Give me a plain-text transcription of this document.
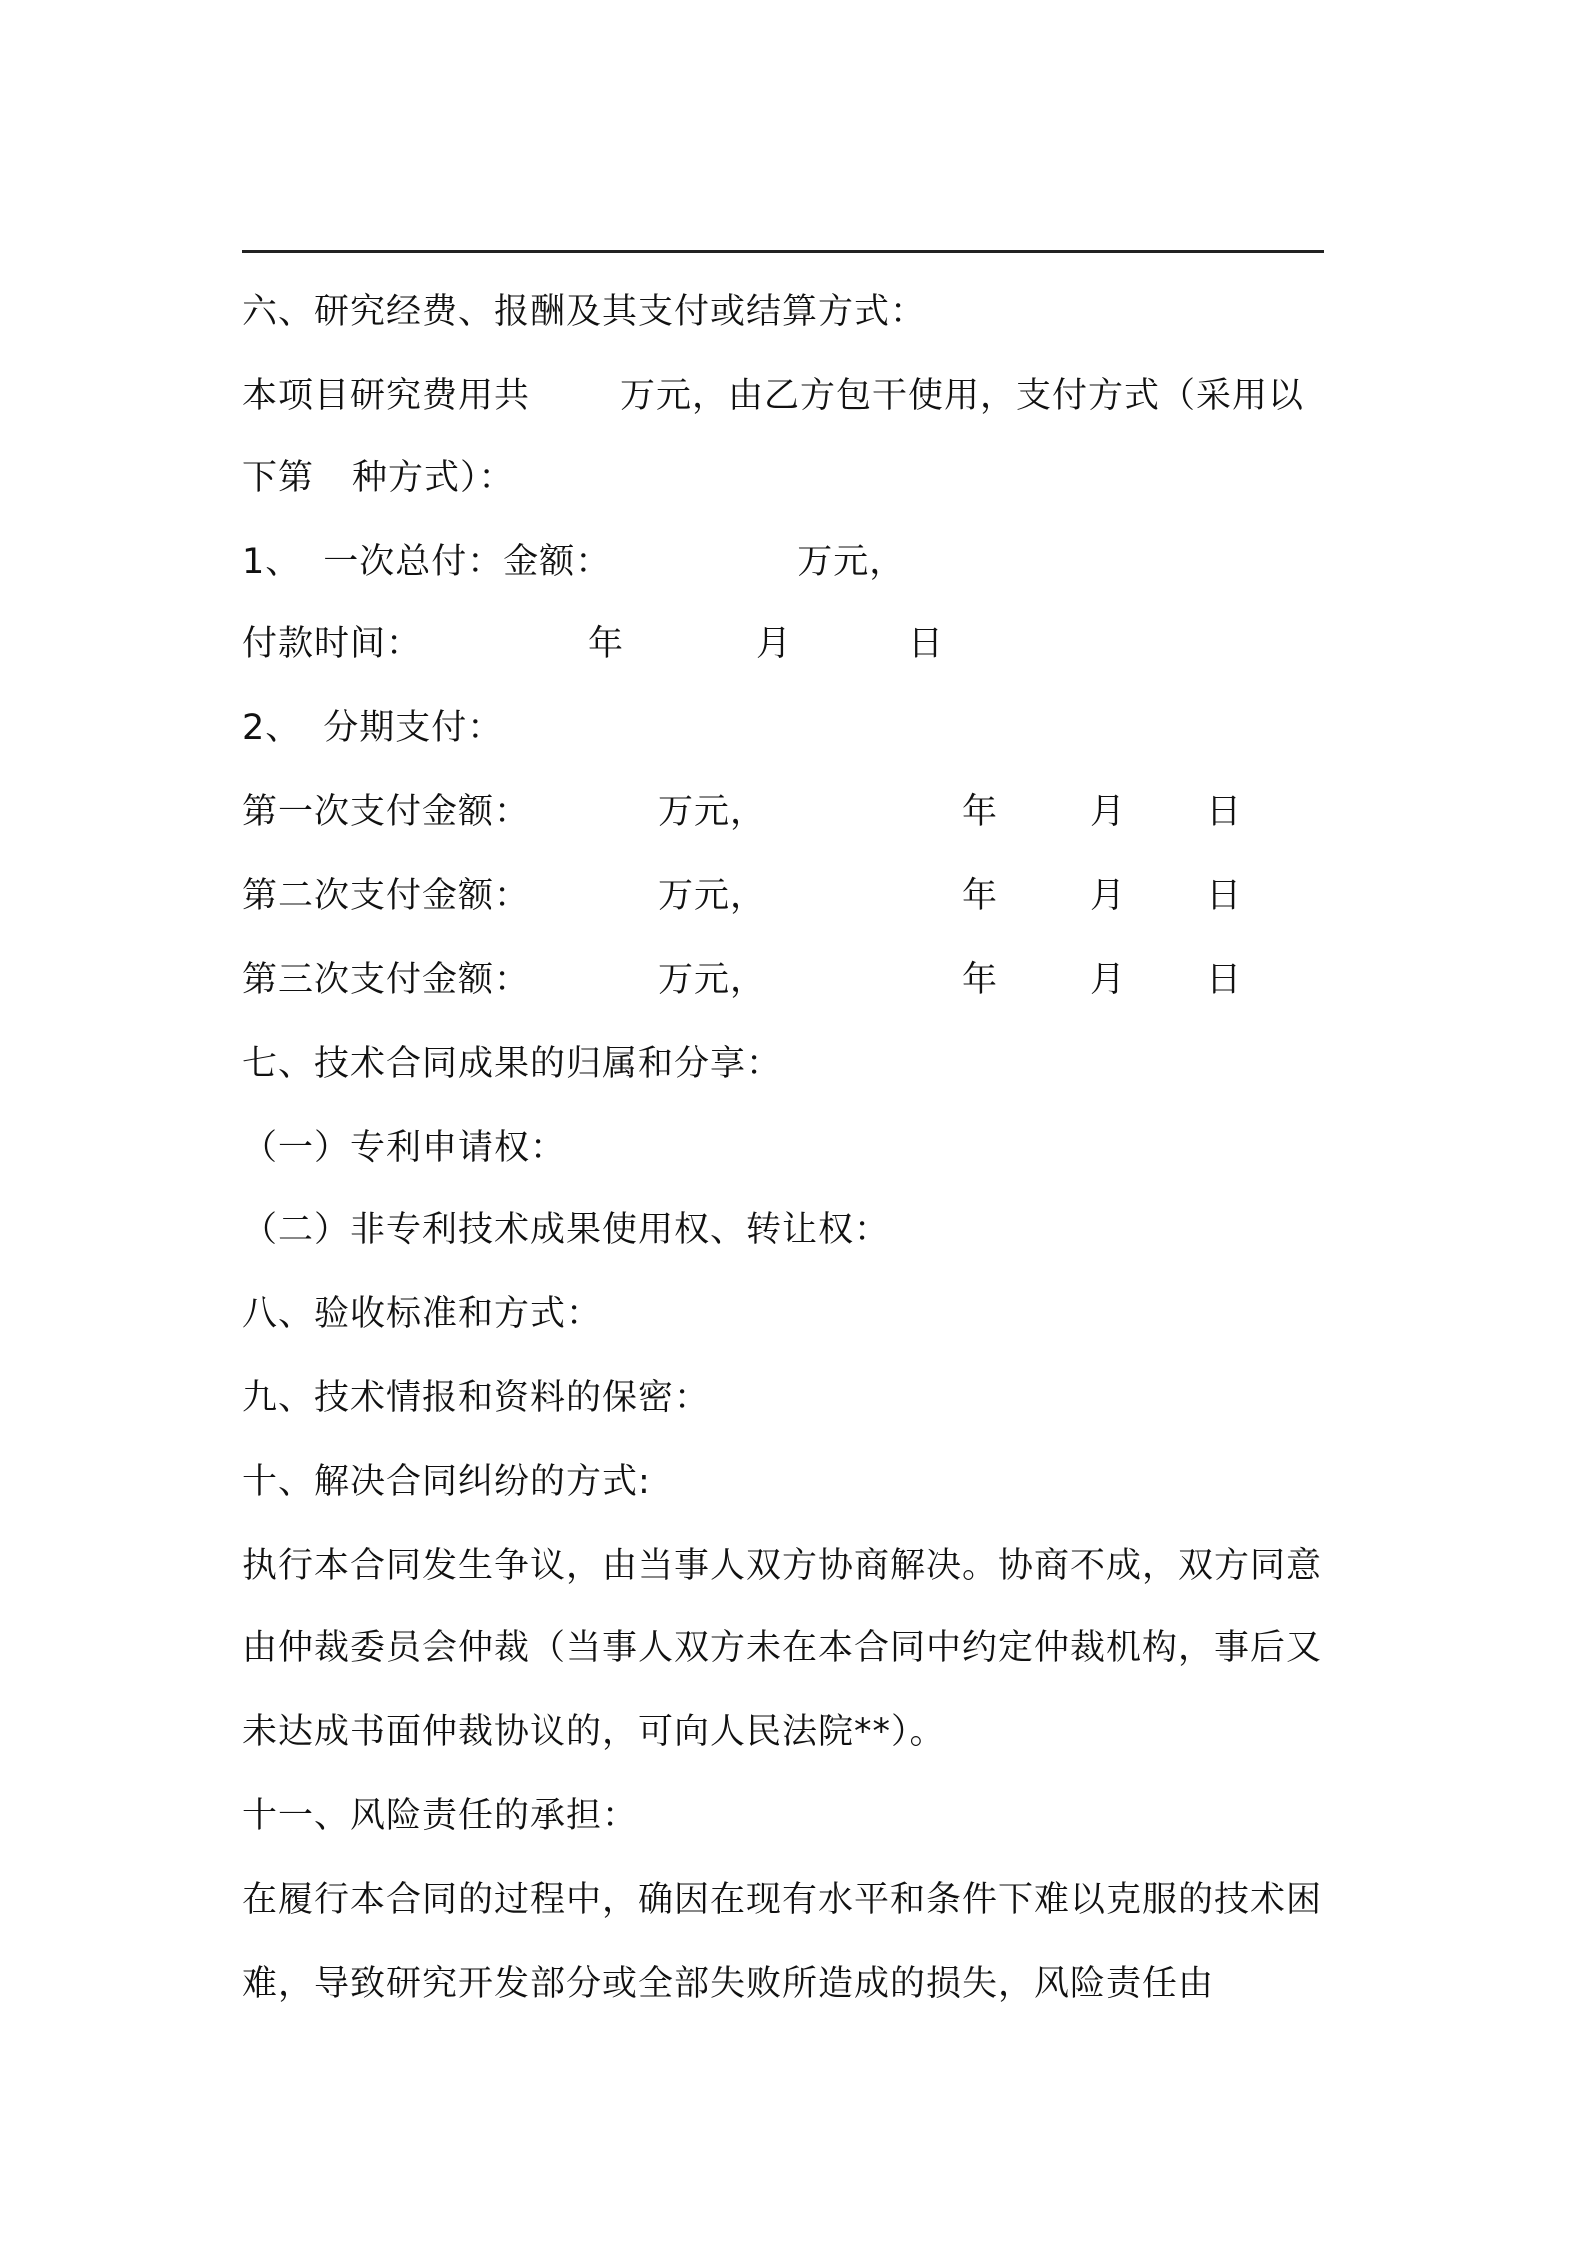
六、研究经费、报酬及其支付或结算方式：
本项目研究费用共	万元，由乙方包干使用，支付方式（采用以
下第 种方式）：
1、 一次总付：金额：	万元，
付款时间：	年	月	日
2、 分期支付：
第一次支付金额：	万元，	年	月 日
第二次支付金额：	万元，	年	月 日
第三次支付金额：	万元，	年	月 日
七、技术合同成果的归属和分享：
（一）专利申请权：
（二）非专利技术成果使用权、转让权：
八、验收标准和方式：
九、技术情报和资料的保密：
十、解决合同纠纷的方式:
执行本合同发生争议，由当事人双方协商解决。协商不成，双方同意
由仲裁委员会仲裁（当事人双方未在本合同中约定仲裁机构，事后又
未达成书面仲裁协议的，可向人民法院**）。
十一、风险责任的承担：
在履行本合同的过程中，确因在现有水平和条件下难以克服的技术困
难，导致研究开发部分或全部失败所造成的损失，风险责任由
